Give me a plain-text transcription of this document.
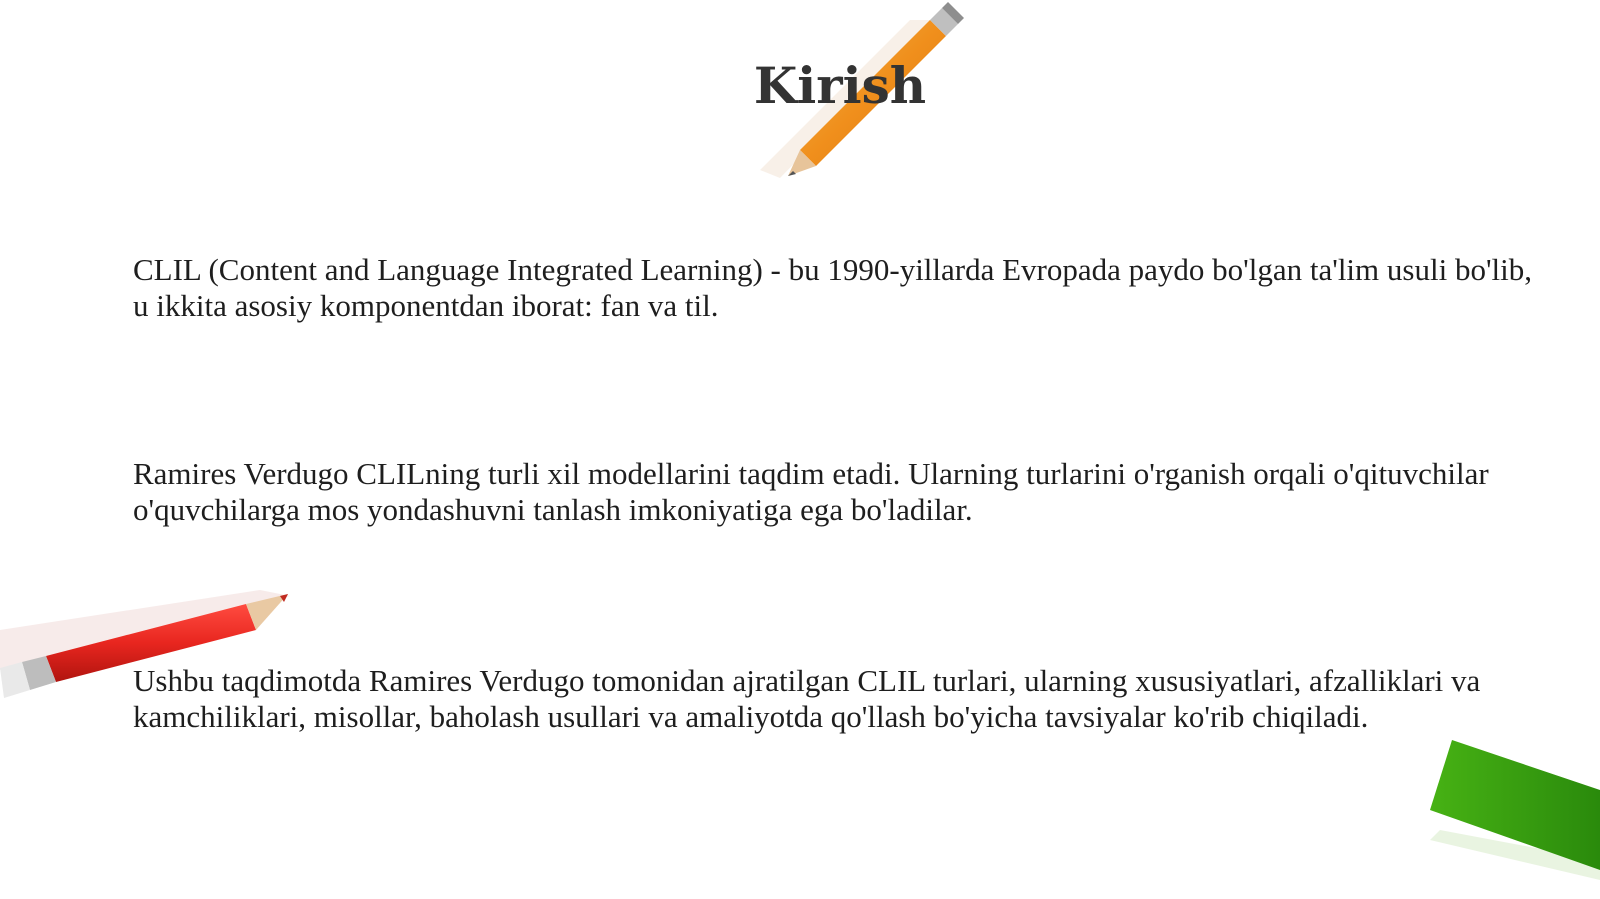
Kirish
CLIL (Content and Language Integrated Learning) - bu 1990-yillarda Evropada paydo bo'lgan ta'lim usuli bo'lib, u ikkita asosiy komponentdan iborat: fan va til.
Ramires Verdugo CLILning turli xil modellarini taqdim etadi. Ularning turlarini o'rganish orqali o'qituvchilar o'quvchilarga mos yondashuvni tanlash imkoniyatiga ega bo'ladilar.
Ushbu taqdimotda Ramires Verdugo tomonidan ajratilgan CLIL turlari, ularning xususiyatlari, afzalliklari va kamchiliklari, misollar, baholash usullari va amaliyotda qo'llash bo'yicha tavsiyalar ko'rib chiqiladi.
